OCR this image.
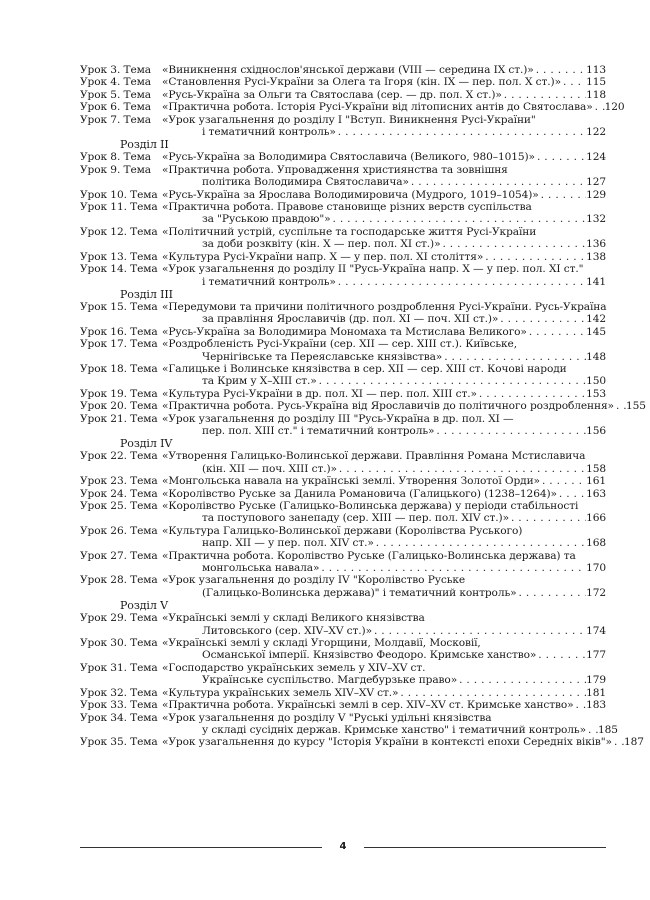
Урок 3. Тема	«Виникнення східнослов'янської держави (VIII — середина IX ст.)» . . .	113
Урок 4. Тема	«Становлення Русі-України за Олега та Ігоря (кін. IX — пер. пол. X ст.)» . . . 115
Урок 5. Тема	«Русь-Україна за Ольги та Святослава (сер. — др. пол. X ст.)» . . .	118
Урок 6. Тема	«Практична робота. Історія Русі-України від літописних антів до Святослава» . . . 120
Урок 7. Тема	«Урок узагальнення до розділу I "Вступ. Виникнення Русі-України"
і тематичний контроль» . . .	122
Розділ II
Урок 8. Тема	«Русь-Україна за Володимира Святославича (Великого, 980–1015)» . . .	124
Урок 9. Тема	«Практична робота. Упровадження християнства та зовнішня
політика Володимира Святославича» . . .	127
Урок 10. Тема «Русь-Україна за Ярослава Володимировича (Мудрого, 1019–1054)» . . .	129
Урок 11. Тема «Практична робота. Правове становище різних верств суспільства
за "Руською правдою"» . . .	132
Урок 12. Тема «Політичний устрій, суспільне та господарське життя Русі-України
за доби розквіту (кін. X — пер. пол. XI ст.)» . . .	136
Урок 13. Тема «Культура Русі-України напр. X — у пер. пол. XI століття» . . .	138
Урок 14. Тема «Урок узагальнення до розділу II "Русь-Україна напр. X — у пер. пол. XI ст."
і тематичний контроль» . . .	141
Розділ III
Урок 15. Тема «Передумови та причини політичного роздроблення Русі-України. Русь-Україна
за правління Ярославичів (др. пол. XI — поч. XII ст.)» . . .	142
Урок 16. Тема «Русь-Україна за Володимира Мономаха та Мстислава Великого» . . .	145
Урок 17. Тема «Роздробленість Русі-України (сер. XII — сер. XIII ст.). Київське,
Чернігівське та Переяславське князівства» . . .	148
Урок 18. Тема «Галицьке і Волинське князівства в сер. XII — сер. XIII ст. Кочові народи
та Крим у X–XIII ст.» . . .	150
Урок 19. Тема «Культура Русі-України в др. пол. XI — пер. пол. XIII ст.» . . .	153
Урок 20. Тема «Практична робота. Русь-Україна від Ярославичів до політичного роздроблення» . . . 155
Урок 21. Тема «Урок узагальнення до розділу III "Русь-Україна в др. пол. XI —
пер. пол. XIII ст." і тематичний контроль» . . .	156
Розділ IV
Урок 22. Тема «Утворення Галицько-Волинської держави. Правління Романа Мстиславича
(кін. XII — поч. XIII ст.)» . . .	158
Урок 23. Тема «Монгольська навала на українські землі. Утворення Золотої Орди» . . .	161
Урок 24. Тема «Королівство Руське за Данила Романовича (Галицького) (1238–1264)» . . .	163
Урок 25. Тема «Королівство Руське (Галицько-Волинська держава) у періоди стабільності
та поступового занепаду (сер. XIII — пер. пол. XIV ст.)» . . .	166
Урок 26. Тема «Культура Галицько-Волинської держави (Королівства Руського)
напр. XII — у пер. пол. XIV ст.» . . .	168
Урок 27. Тема «Практична робота. Королівство Руське (Галицько-Волинська держава) та
монгольська навала» . . .	170
Урок 28. Тема «Урок узагальнення до розділу IV "Королівство Руське
(Галицько-Волинська держава)" і тематичний контроль» . . .	172
Розділ V
Урок 29. Тема «Українські землі у складі Великого князівства
Литовського (сер. XIV–XV ст.)» . . .	174
Урок 30. Тема «Українські землі у складі Угорщини, Молдавії, Московії,
Османської імперії. Князівство Феодоро. Кримське ханство» . . .	177
Урок 31. Тема «Господарство українських земель у XIV–XV ст.
Українське суспільство. Магдебурзьке право» . . .	179
Урок 32. Тема «Культура українських земель XIV–XV ст.» . . .	181
Урок 33. Тема «Практична робота. Українські землі в сер. XIV–XV ст. Кримське ханство» . . . 183
Урок 34. Тема «Урок узагальнення до розділу V "Руські удільні князівства
у складі сусідніх держав. Кримське ханство" і тематичний контроль» . . . 185
Урок 35. Тема «Урок узагальнення до курсу "Історія України в контексті епохи Середніх віків"» . . . 187
4
